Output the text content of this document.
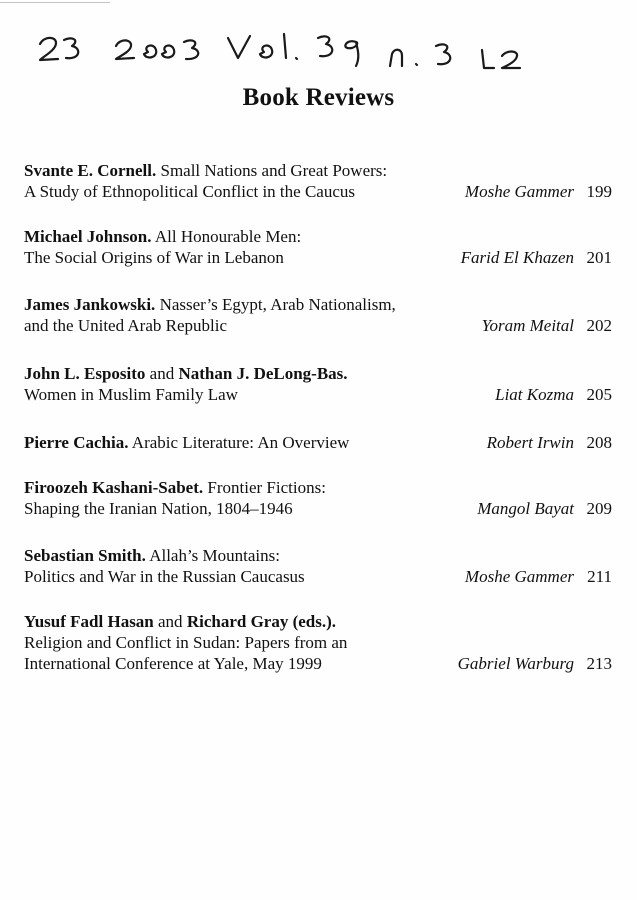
Book Reviews
Svante E. Cornell. Small Nations and Great Powers:
A Study of Ethnopolitical Conflict in the Caucus	Moshe Gammer 199
Michael Johnson. All Honourable Men:
The Social Origins of War in Lebanon	Farid El Khazen 201
James Jankowski. Nasser’s Egypt, Arab Nationalism,
and the United Arab Republic	Yoram Meital 202
John L. Esposito and Nathan J. DeLong-Bas.
Women in Muslim Family Law	Liat Kozma 205
Pierre Cachia. Arabic Literature: An Overview	Robert Irwin 208
Firoozeh Kashani-Sabet. Frontier Fictions:
Shaping the Iranian Nation, 1804–1946	Mangol Bayat 209
Sebastian Smith. Allah’s Mountains:
Politics and War in the Russian Caucasus	Moshe Gammer 211
Yusuf Fadl Hasan and Richard Gray (eds.).
Religion and Conflict in Sudan: Papers from an
International Conference at Yale, May 1999	Gabriel Warburg 213
